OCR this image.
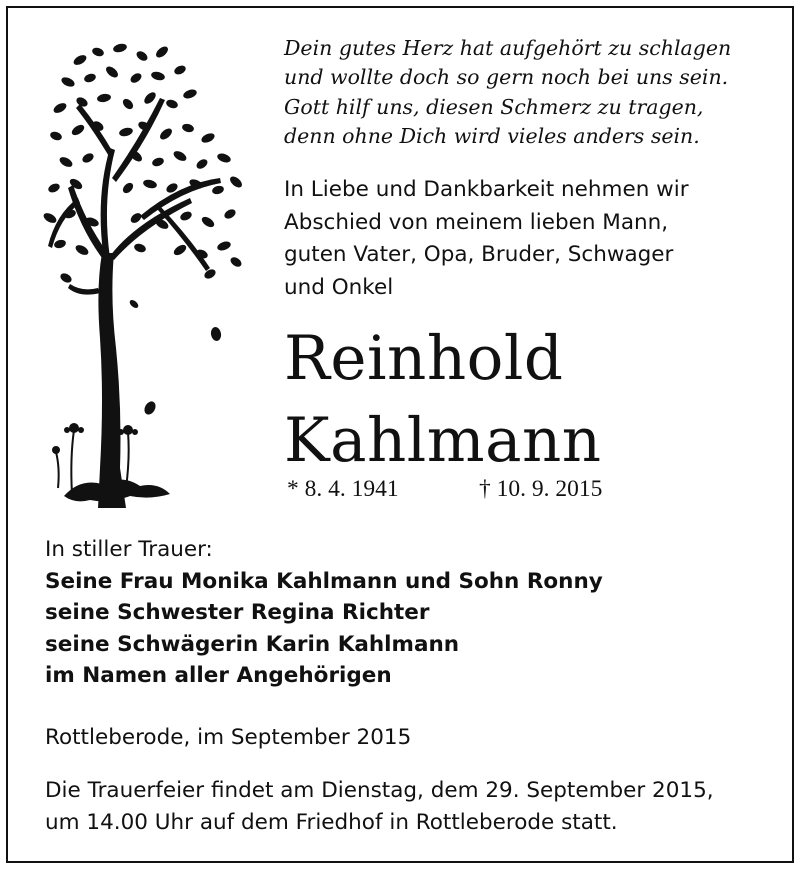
Dein gutes Herz hat aufgehört zu schlagen
und wollte doch so gern noch bei uns sein.
Gott hilf uns, diesen Schmerz zu tragen,
denn ohne Dich wird vieles anders sein.
In Liebe und Dankbarkeit nehmen wir
Abschied von meinem lieben Mann,
guten Vater, Opa, Bruder, Schwager
und Onkel
Reinhold
Kahlmann
* 8. 4. 1941	† 10. 9. 2015
In stiller Trauer:
Seine Frau Monika Kahlmann und Sohn Ronny
seine Schwester Regina Richter
seine Schwägerin Karin Kahlmann
im Namen aller Angehörigen
Rottleberode, im September 2015
Die Trauerfeier findet am Dienstag, dem 29. September 2015,
um 14.00 Uhr auf dem Friedhof in Rottleberode statt.
